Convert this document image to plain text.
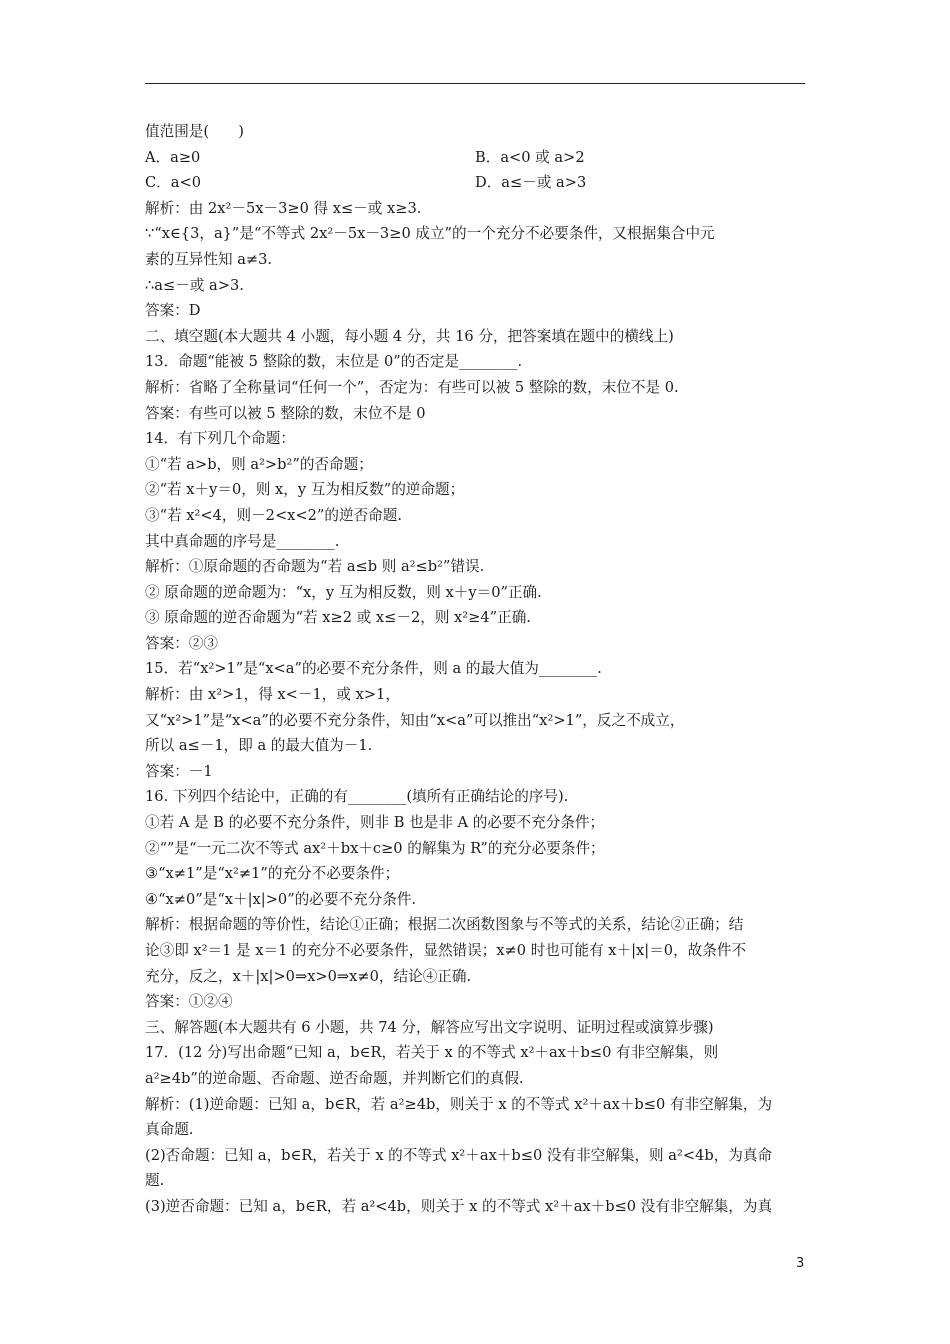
值范围是(　　)
A．a≥0	B．a<0 或 a>2
C．a<0	D．a≤－或 a>3
解析：由 2x²－5x－3≥0 得 x≤－或 x≥3.
∵“x∈{3，a}”是“不等式 2x²－5x－3≥0 成立”的一个充分不必要条件，又根据集合中元
素的互异性知 a≠3.
∴a≤－或 a>3.
答案：D
二、填空题(本大题共 4 小题，每小题 4 分，共 16 分，把答案填在题中的横线上)
13．命题“能被 5 整除的数，末位是 0”的否定是________.
解析：省略了全称量词“任何一个”，否定为：有些可以被 5 整除的数，末位不是 0.
答案：有些可以被 5 整除的数，末位不是 0
14．有下列几个命题：
①“若 a>b，则 a²>b²”的否命题；
②“若 x＋y＝0，则 x，y 互为相反数”的逆命题；
③“若 x²<4，则－2<x<2”的逆否命题.
其中真命题的序号是________.
解析：①原命题的否命题为“若 a≤b 则 a²≤b²”错误.
② 原命题的逆命题为：“x，y 互为相反数，则 x＋y＝0”正确.
③ 原命题的逆否命题为“若 x≥2 或 x≤－2，则 x²≥4”正确.
答案：②③
15．若“x²>1”是“x<a”的必要不充分条件，则 a 的最大值为________.
解析：由 x²>1，得 x<－1，或 x>1，
又“x²>1”是“x<a”的必要不充分条件，知由“x<a”可以推出“x²>1”，反之不成立，
所以 a≤－1，即 a 的最大值为－1.
答案：－1
16. 下列四个结论中，正确的有________(填所有正确结论的序号).
①若 A 是 B 的必要不充分条件，则非 B 也是非 A 的必要不充分条件；
②“”是“一元二次不等式 ax²＋bx＋c≥0 的解集为 R”的充分必要条件；
③“x≠1”是“x²≠1”的充分不必要条件；
④“x≠0”是“x＋|x|>0”的必要不充分条件.
解析：根据命题的等价性，结论①正确；根据二次函数图象与不等式的关系，结论②正确；结
论③即 x²＝1 是 x＝1 的充分不必要条件，显然错误；x≠0 时也可能有 x＋|x|＝0，故条件不
充分，反之，x＋|x|>0⇒x>0⇒x≠0，结论④正确.
答案：①②④
三、解答题(本大题共有 6 小题，共 74 分，解答应写出文字说明、证明过程或演算步骤)
17．(12 分)写出命题“已知 a，b∈R，若关于 x 的不等式 x²＋ax＋b≤0 有非空解集，则
a²≥4b”的逆命题、否命题、逆否命题，并判断它们的真假.
解析：(1)逆命题：已知 a，b∈R，若 a²≥4b，则关于 x 的不等式 x²＋ax＋b≤0 有非空解集，为
真命题.
(2)否命题：已知 a，b∈R，若关于 x 的不等式 x²＋ax＋b≤0 没有非空解集，则 a²<4b，为真命
题.
(3)逆否命题：已知 a，b∈R，若 a²<4b，则关于 x 的不等式 x²＋ax＋b≤0 没有非空解集，为真
3
